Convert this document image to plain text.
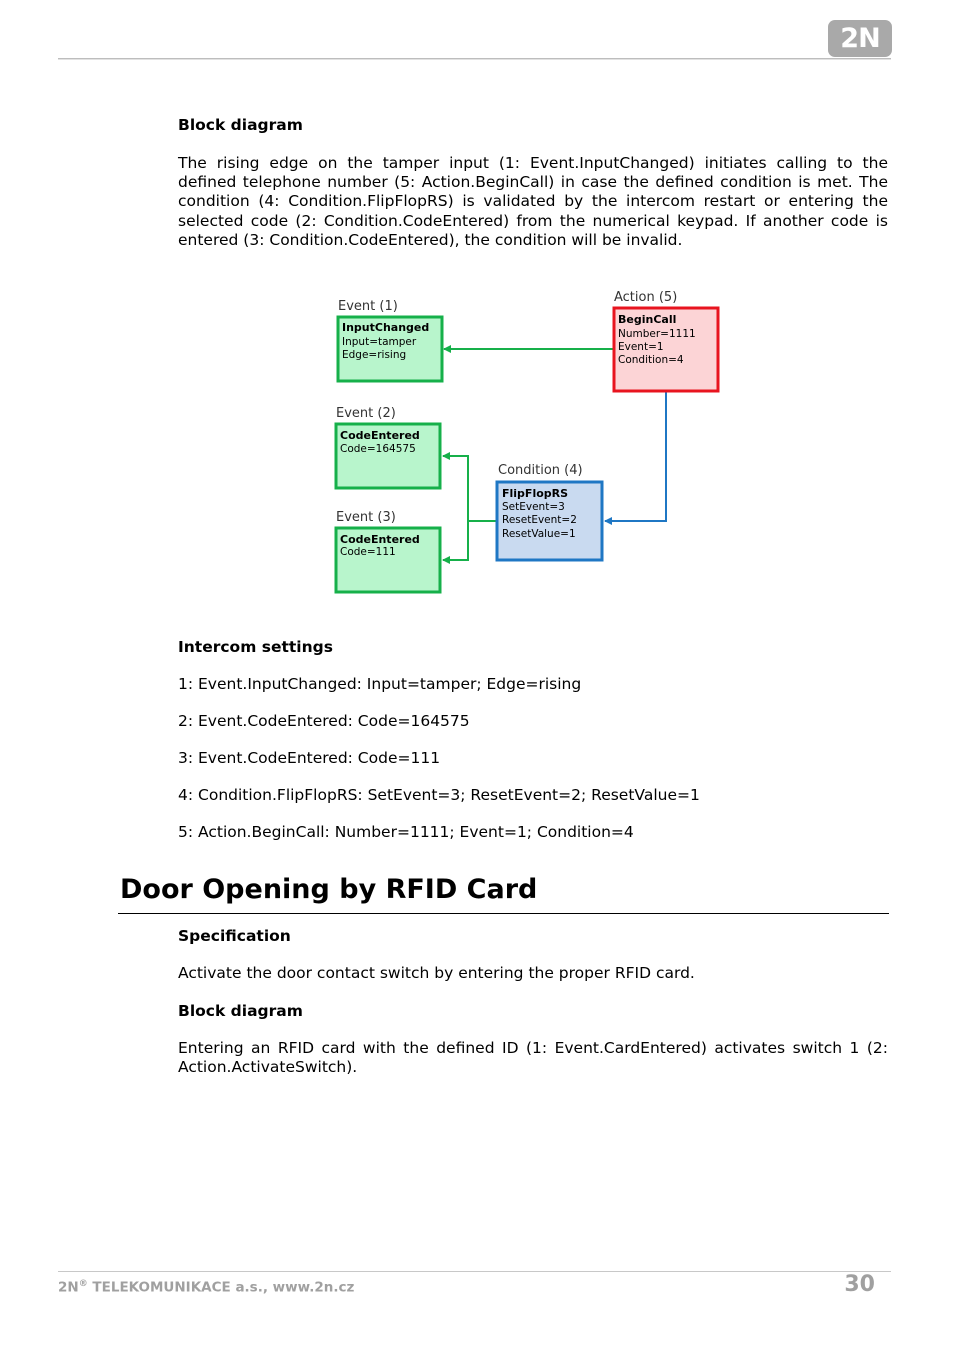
2N
Block diagram
The rising edge on the tamper input (1: Event.InputChanged) initiates calling to the defined telephone number (5: Action.BeginCall) in case the defined condition is met. The condition (4: Condition.FlipFlopRS) is validated by the intercom restart or entering the selected code (2: Condition.CodeEntered) from the numerical keypad. If another code is entered (3: Condition.CodeEntered), the condition will be invalid.
Event (1)
InputChanged
Input=tamper
Edge=rising
Event (2)
CodeEntered
Code=164575
Event (3)
CodeEntered
Code=111
Condition (4)
FlipFlopRS
SetEvent=3
ResetEvent=2
ResetValue=1
Action (5)
BeginCall
Number=1111
Event=1
Condition=4
Intercom settings
1: Event.InputChanged: Input=tamper; Edge=rising
2: Event.CodeEntered: Code=164575
3: Event.CodeEntered: Code=111
4: Condition.FlipFlopRS: SetEvent=3; ResetEvent=2; ResetValue=1
5: Action.BeginCall: Number=1111; Event=1; Condition=4
Door Opening by RFID Card
Specification
Activate the door contact switch by entering the proper RFID card.
Block diagram
Entering an RFID card with the defined ID (1: Event.CardEntered) activates switch 1 (2: Action.ActivateSwitch).
2N® TELEKOMUNIKACE a.s., www.2n.cz	30
